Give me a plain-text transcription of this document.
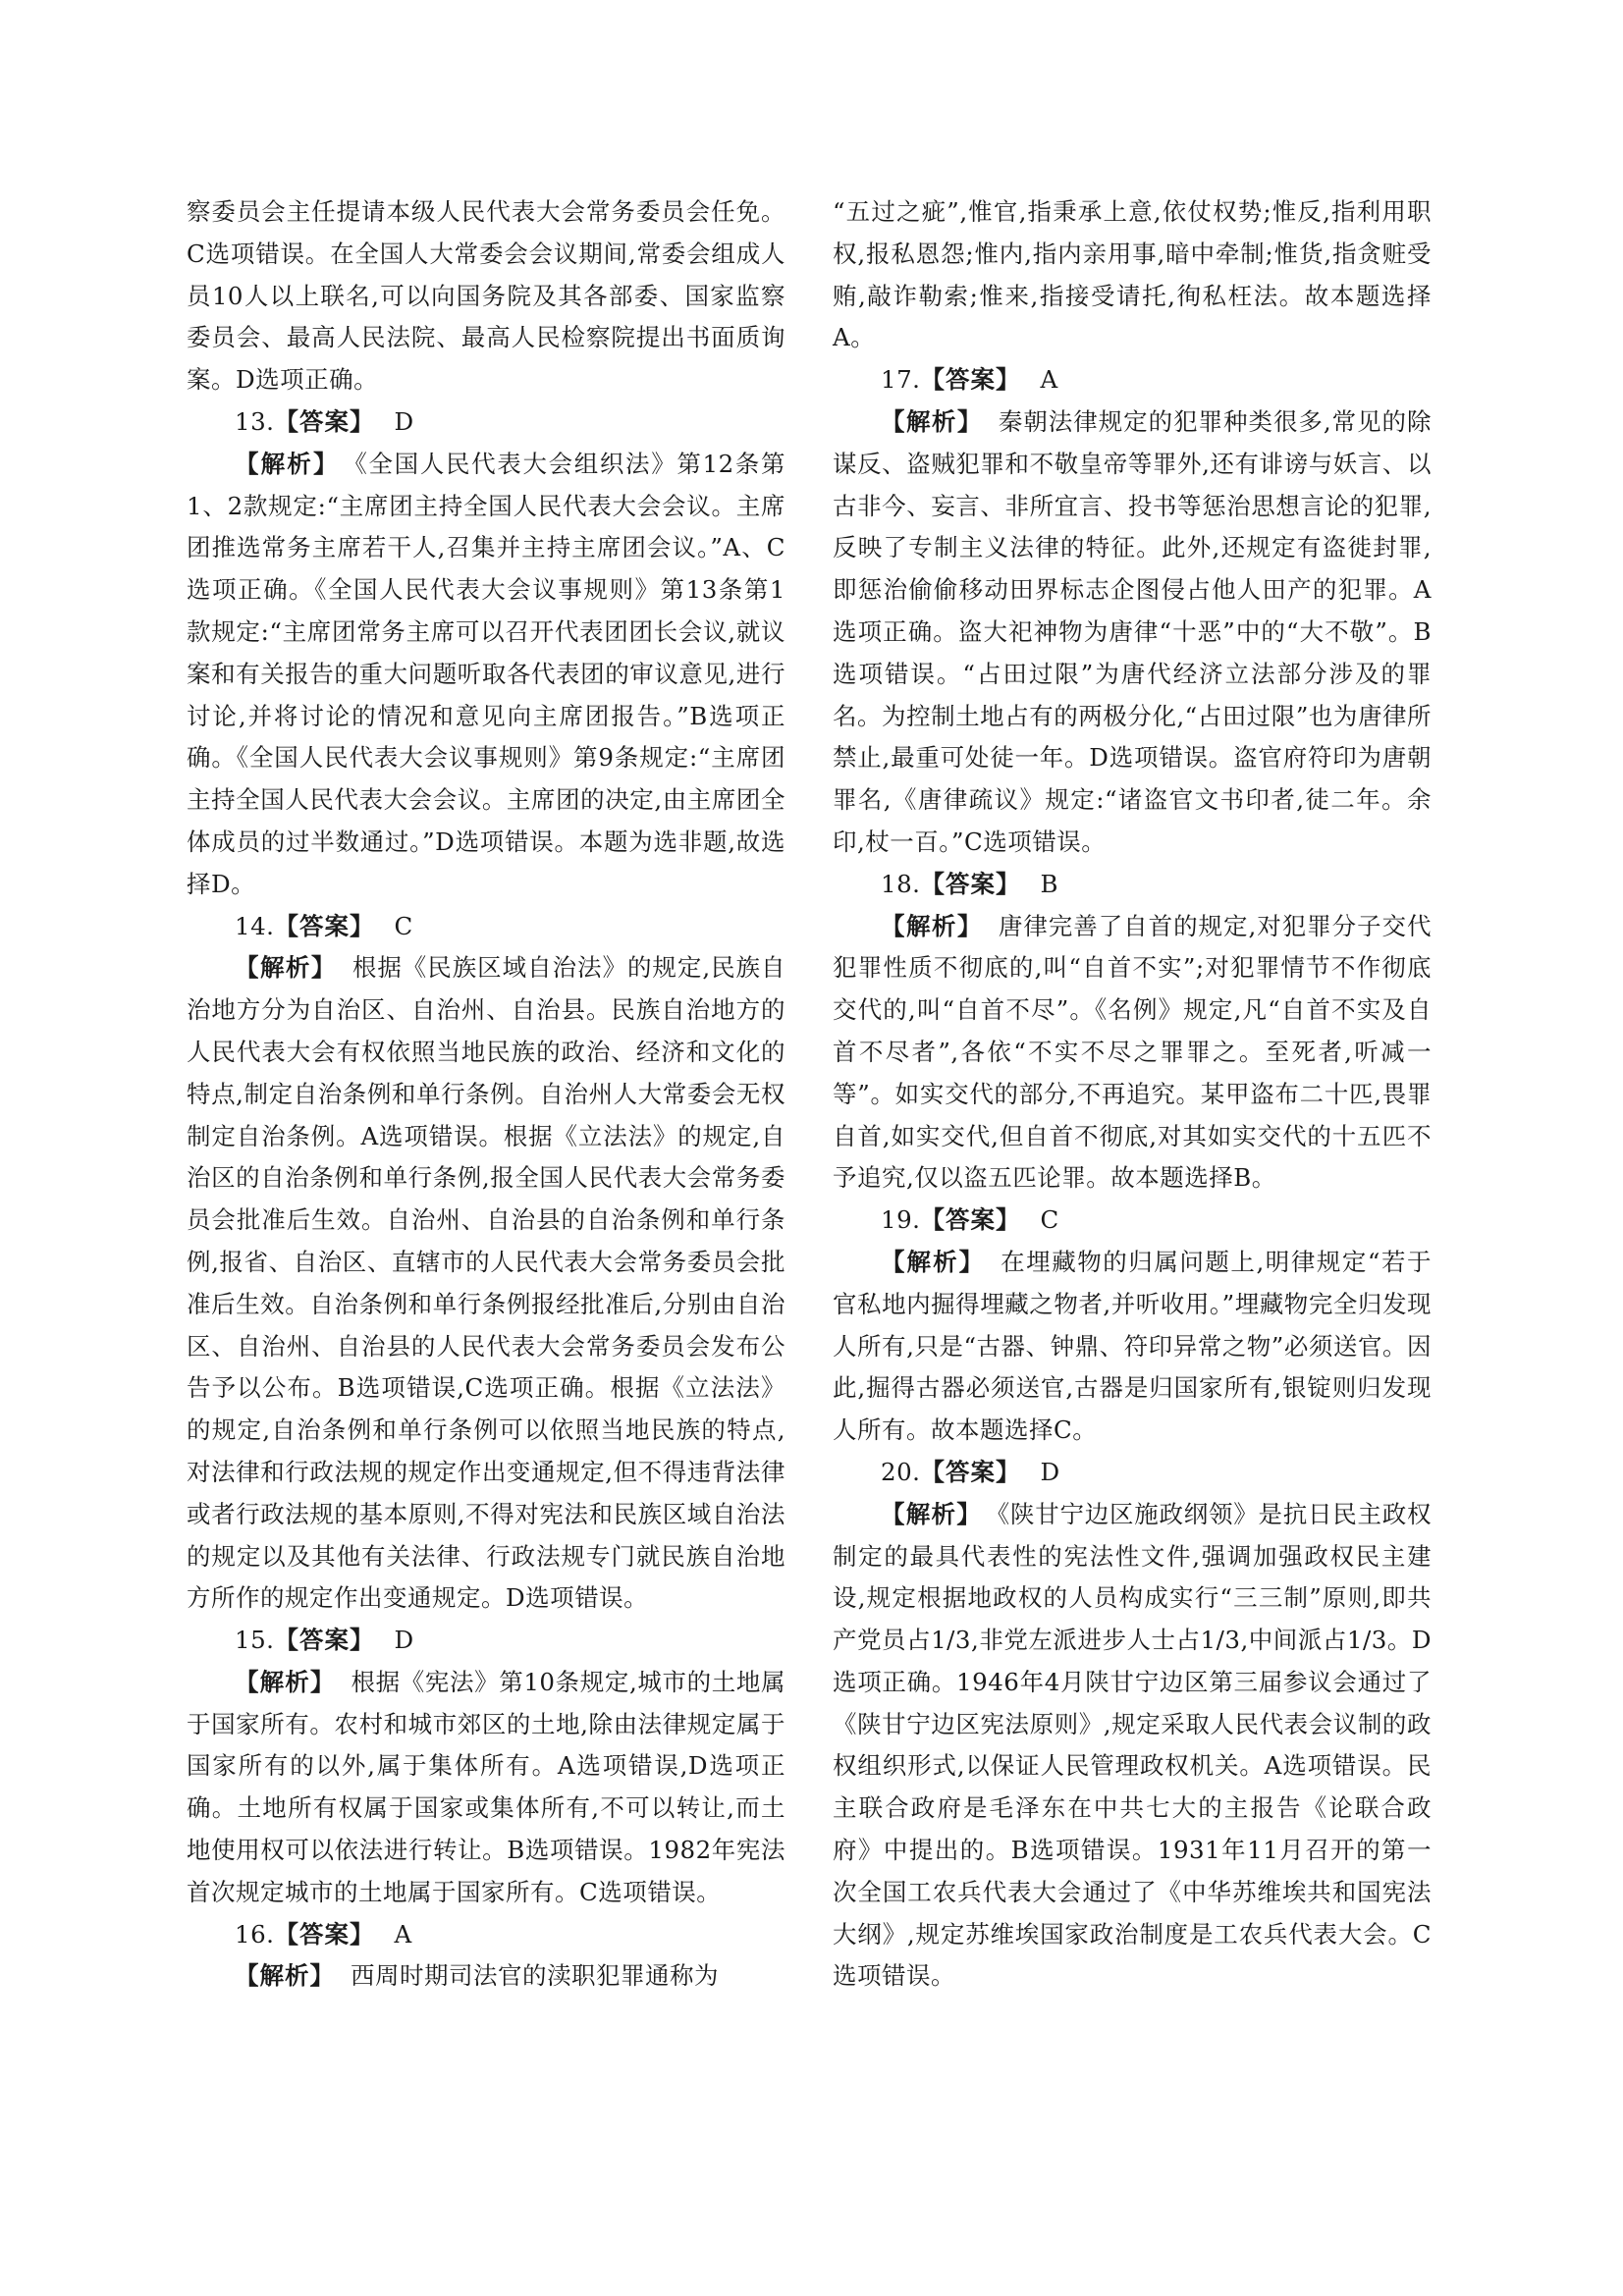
察委员会主任提请本级人民代表大会常务委员会任免。C选项错误。在全国人大常委会会议期间,常委会组成人员10人以上联名,可以向国务院及其各部委、国家监察委员会、最高人民法院、最高人民检察院提出书面质询案。D选项正确。

13.【答案】 D

【解析】 《全国人民代表大会组织法》第12条第1、2款规定:“主席团主持全国人民代表大会会议。主席团推选常务主席若干人,召集并主持主席团会议。”A、C选项正确。《全国人民代表大会议事规则》第13条第1款规定:“主席团常务主席可以召开代表团团长会议,就议案和有关报告的重大问题听取各代表团的审议意见,进行讨论,并将讨论的情况和意见向主席团报告。”B选项正确。《全国人民代表大会议事规则》第9条规定:“主席团主持全国人民代表大会会议。主席团的决定,由主席团全体成员的过半数通过。”D选项错误。本题为选非题,故选择D。

14.【答案】 C

【解析】 根据《民族区域自治法》的规定,民族自治地方分为自治区、自治州、自治县。民族自治地方的人民代表大会有权依照当地民族的政治、经济和文化的特点,制定自治条例和单行条例。自治州人大常委会无权制定自治条例。A选项错误。根据《立法法》的规定,自治区的自治条例和单行条例,报全国人民代表大会常务委员会批准后生效。自治州、自治县的自治条例和单行条例,报省、自治区、直辖市的人民代表大会常务委员会批准后生效。自治条例和单行条例报经批准后,分别由自治区、自治州、自治县的人民代表大会常务委员会发布公告予以公布。B选项错误,C选项正确。根据《立法法》的规定,自治条例和单行条例可以依照当地民族的特点,对法律和行政法规的规定作出变通规定,但不得违背法律或者行政法规的基本原则,不得对宪法和民族区域自治法的规定以及其他有关法律、行政法规专门就民族自治地方所作的规定作出变通规定。D选项错误。

15.【答案】 D

【解析】 根据《宪法》第10条规定,城市的土地属于国家所有。农村和城市郊区的土地,除由法律规定属于国家所有的以外,属于集体所有。A选项错误,D选项正确。土地所有权属于国家或集体所有,不可以转让,而土地使用权可以依法进行转让。B选项错误。1982年宪法首次规定城市的土地属于国家所有。C选项错误。

16.【答案】 A

【解析】 西周时期司法官的渎职犯罪通称为

“五过之疵”,惟官,指秉承上意,依仗权势;惟反,指利用职权,报私恩怨;惟内,指内亲用事,暗中牵制;惟货,指贪赃受贿,敲诈勒索;惟来,指接受请托,徇私枉法。故本题选择A。

17.【答案】 A

【解析】 秦朝法律规定的犯罪种类很多,常见的除谋反、盗贼犯罪和不敬皇帝等罪外,还有诽谤与妖言、以古非今、妄言、非所宜言、投书等惩治思想言论的犯罪,反映了专制主义法律的特征。此外,还规定有盗徙封罪,即惩治偷偷移动田界标志企图侵占他人田产的犯罪。A选项正确。盗大祀神物为唐律“十恶”中的“大不敬”。B选项错误。“占田过限”为唐代经济立法部分涉及的罪名。为控制土地占有的两极分化,“占田过限”也为唐律所禁止,最重可处徒一年。D选项错误。盗官府符印为唐朝罪名,《唐律疏议》规定:“诸盗官文书印者,徒二年。余印,杖一百。”C选项错误。

18.【答案】 B

【解析】 唐律完善了自首的规定,对犯罪分子交代犯罪性质不彻底的,叫“自首不实”;对犯罪情节不作彻底交代的,叫“自首不尽”。《名例》规定,凡“自首不实及自首不尽者”,各依“不实不尽之罪罪之。至死者,听减一等”。如实交代的部分,不再追究。某甲盗布二十匹,畏罪自首,如实交代,但自首不彻底,对其如实交代的十五匹不予追究,仅以盗五匹论罪。故本题选择B。

19.【答案】 C

【解析】 在埋藏物的归属问题上,明律规定“若于官私地内掘得埋藏之物者,并听收用。”埋藏物完全归发现人所有,只是“古器、钟鼎、符印异常之物”必须送官。因此,掘得古器必须送官,古器是归国家所有,银锭则归发现人所有。故本题选择C。

20.【答案】 D

【解析】 《陕甘宁边区施政纲领》是抗日民主政权制定的最具代表性的宪法性文件,强调加强政权民主建设,规定根据地政权的人员构成实行“三三制”原则,即共产党员占1/3,非党左派进步人士占1/3,中间派占1/3。D选项正确。1946年4月陕甘宁边区第三届参议会通过了《陕甘宁边区宪法原则》,规定采取人民代表会议制的政权组织形式,以保证人民管理政权机关。A选项错误。民主联合政府是毛泽东在中共七大的主报告《论联合政府》中提出的。B选项错误。1931年11月召开的第一次全国工农兵代表大会通过了《中华苏维埃共和国宪法大纲》,规定苏维埃国家政治制度是工农兵代表大会。C选项错误。
